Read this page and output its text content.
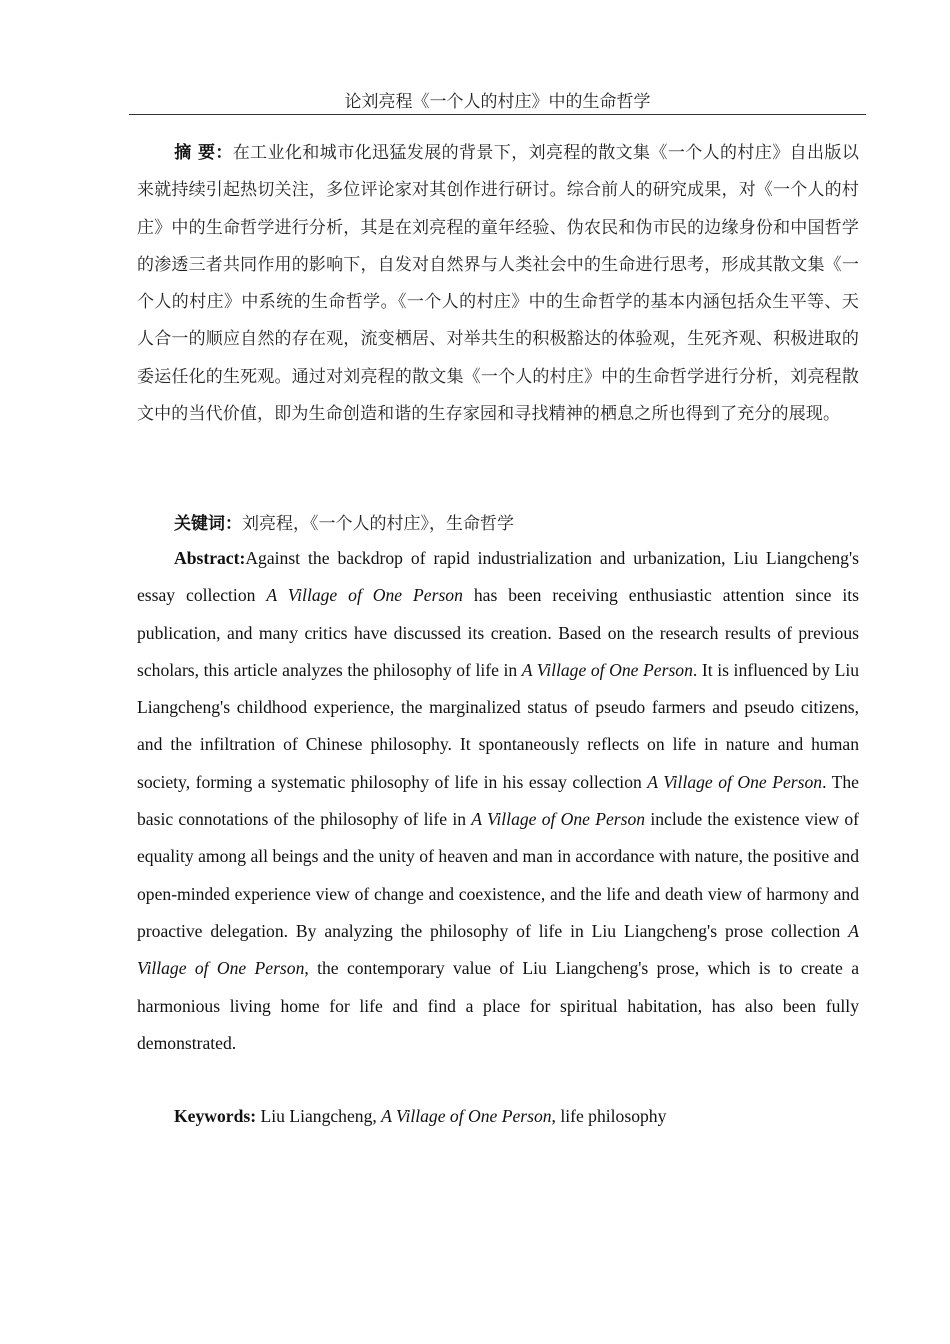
论刘亮程《一个人的村庄》中的生命哲学
摘 要：在工业化和城市化迅猛发展的背景下，刘亮程的散文集《一个人的村庄》自出版以来就持续引起热切关注，多位评论家对其创作进行研讨。综合前人的研究成果，对《一个人的村庄》中的生命哲学进行分析，其是在刘亮程的童年经验、伪农民和伪市民的边缘身份和中国哲学的渗透三者共同作用的影响下，自发对自然界与人类社会中的生命进行思考，形成其散文集《一个人的村庄》中系统的生命哲学。《一个人的村庄》中的生命哲学的基本内涵包括众生平等、天人合一的顺应自然的存在观，流变栖居、对举共生的积极豁达的体验观，生死齐观、积极进取的委运任化的生死观。通过对刘亮程的散文集《一个人的村庄》中的生命哲学进行分析，刘亮程散文中的当代价值，即为生命创造和谐的生存家园和寻找精神的栖息之所也得到了充分的展现。
关键词：刘亮程，《一个人的村庄》，生命哲学
Abstract:Against the backdrop of rapid industrialization and urbanization, Liu Liangcheng's essay collection A Village of One Person has been receiving enthusiastic attention since its publication, and many critics have discussed its creation. Based on the research results of previous scholars, this article analyzes the philosophy of life in A Village of One Person. It is influenced by Liu Liangcheng's childhood experience, the marginalized status of pseudo farmers and pseudo citizens, and the infiltration of Chinese philosophy. It spontaneously reflects on life in nature and human society, forming a systematic philosophy of life in his essay collection A Village of One Person. The basic connotations of the philosophy of life in A Village of One Person include the existence view of equality among all beings and the unity of heaven and man in accordance with nature, the positive and open-minded experience view of change and coexistence, and the life and death view of harmony and proactive delegation. By analyzing the philosophy of life in Liu Liangcheng's prose collection A Village of One Person, the contemporary value of Liu Liangcheng's prose, which is to create a harmonious living home for life and find a place for spiritual habitation, has also been fully demonstrated.
Keywords: Liu Liangcheng, A Village of One Person, life philosophy
